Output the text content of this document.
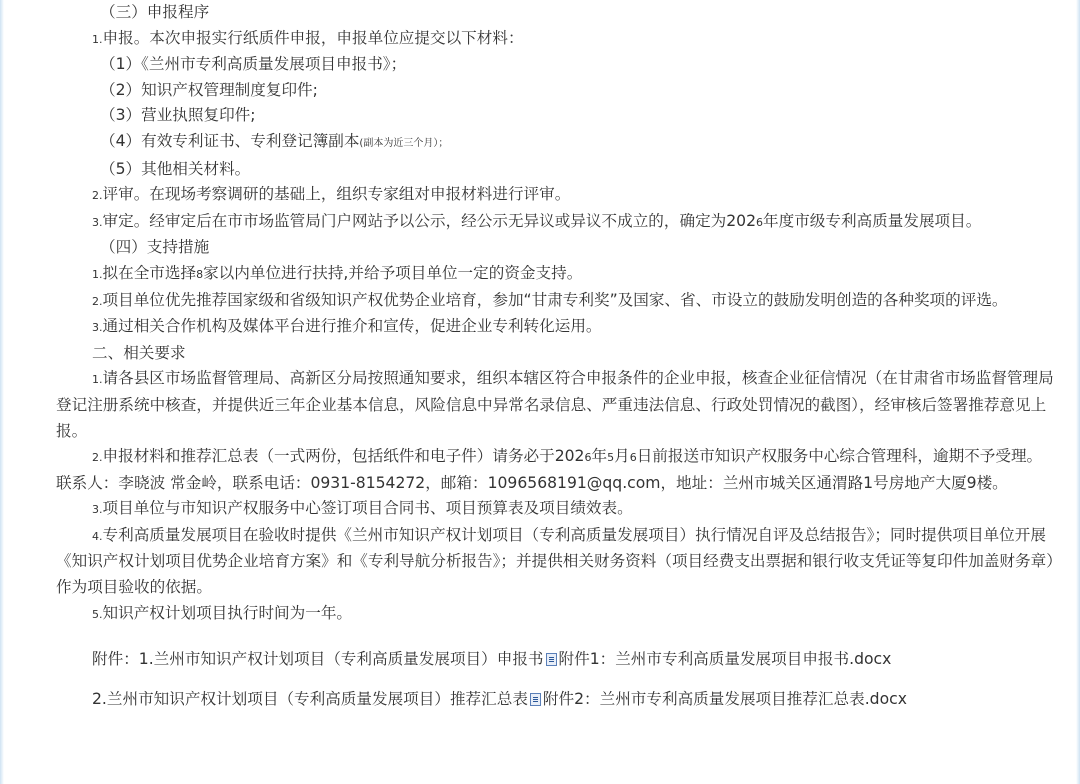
（三）申报程序

1.申报。本次申报实行纸质件申报，申报单位应提交以下材料：

（1）《兰州市专利高质量发展项目申报书》；

（2）知识产权管理制度复印件;

（3）营业执照复印件;

（4）有效专利证书、专利登记簿副本(副本为近三个月）；

（5）其他相关材料。

2.评审。在现场考察调研的基础上，组织专家组对申报材料进行评审。

3.审定。经审定后在市市场监管局门户网站予以公示，经公示无异议或异议不成立的，确定为2026年度市级专利高质量发展项目。

（四）支持措施

1.拟在全市选择8家以内单位进行扶持,并给予项目单位一定的资金支持。

2.项目单位优先推荐国家级和省级知识产权优势企业培育，参加“甘肃专利奖”及国家、省、市设立的鼓励发明创造的各种奖项的评选。

3.通过相关合作机构及媒体平台进行推介和宣传，促进企业专利转化运用。

二、相关要求

1.请各县区市场监督管理局、高新区分局按照通知要求，组织本辖区符合申报条件的企业申报，核查企业征信情况（在甘肃省市场监督管理局登记注册系统中核查，并提供近三年企业基本信息，风险信息中异常名录信息、严重违法信息、行政处罚情况的截图），经审核后签署推荐意见上报。

2.申报材料和推荐汇总表（一式两份，包括纸件和电子件）请务必于2026年5月6日前报送市知识产权服务中心综合管理科，逾期不予受理。联系人：李晓波 常金岭，联系电话：0931-8154272，邮箱：1096568191@qq.com，地址：兰州市城关区通渭路1号房地产大厦9楼。

3.项目单位与市知识产权服务中心签订项目合同书、项目预算表及项目绩效表。

4.专利高质量发展项目在验收时提供《兰州市知识产权计划项目（专利高质量发展项目）执行情况自评及总结报告》；同时提供项目单位开展《知识产权计划项目优势企业培育方案》和《专利导航分析报告》；并提供相关财务资料（项目经费支出票据和银行收支凭证等复印件加盖财务章）作为项目验收的依据。

5.知识产权计划项目执行时间为一年。

附件：1.兰州市知识产权计划项目（专利高质量发展项目）申报书 附件1：兰州市专利高质量发展项目申报书.docx

2.兰州市知识产权计划项目（专利高质量发展项目）推荐汇总表 附件2：兰州市专利高质量发展项目推荐汇总表.docx
